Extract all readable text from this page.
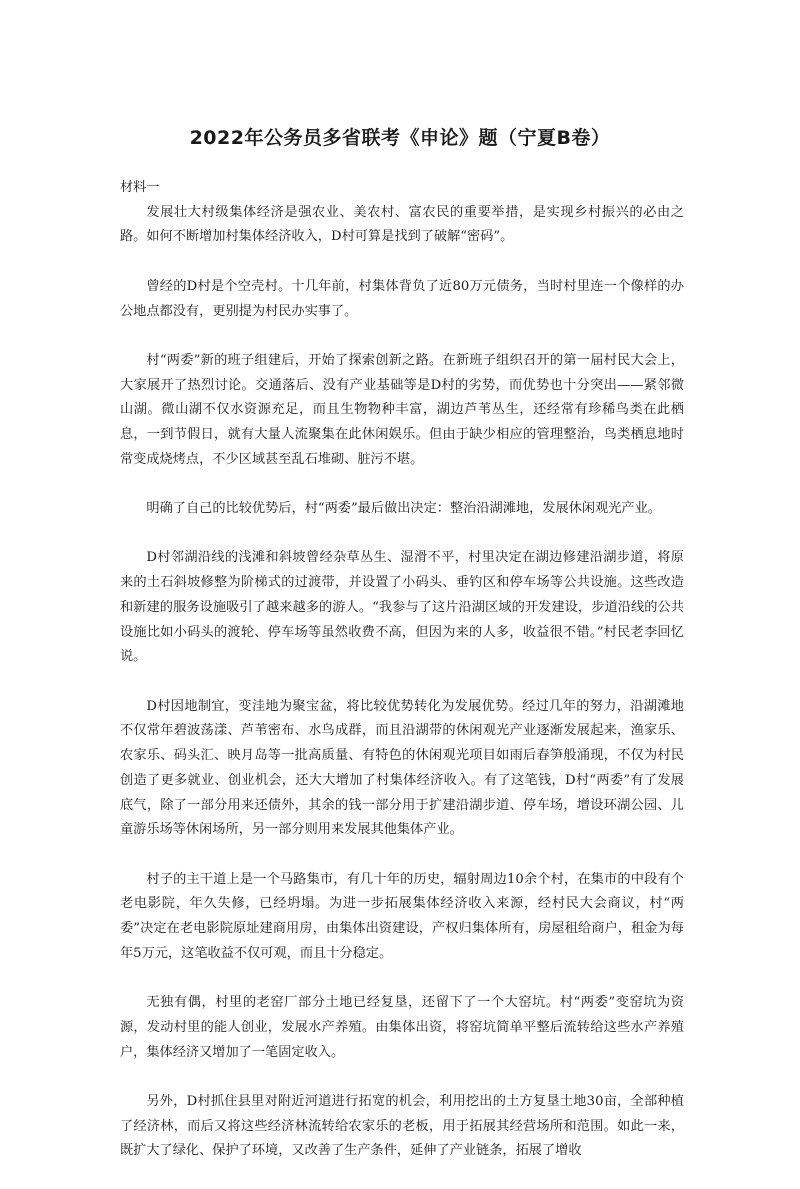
2022年公务员多省联考《申论》题（宁夏B卷）

材料一

发展壮大村级集体经济是强农业、美农村、富农民的重要举措，是实现乡村振兴的必由之路。如何不断增加村集体经济收入，D村可算是找到了破解“密码”。

曾经的D村是个空壳村。十几年前，村集体背负了近80万元债务，当时村里连一个像样的办公地点都没有，更别提为村民办实事了。

村“两委”新的班子组建后，开始了探索创新之路。在新班子组织召开的第一届村民大会上，大家展开了热烈讨论。交通落后、没有产业基础等是D村的劣势，而优势也十分突出——紧邻微山湖。微山湖不仅水资源充足，而且生物物种丰富，湖边芦苇丛生，还经常有珍稀鸟类在此栖息，一到节假日，就有大量人流聚集在此休闲娱乐。但由于缺少相应的管理整治，鸟类栖息地时常变成烧烤点，不少区域甚至乱石堆砌、脏污不堪。

明确了自己的比较优势后，村“两委”最后做出决定：整治沿湖滩地，发展休闲观光产业。

D村邻湖沿线的浅滩和斜坡曾经杂草丛生、湿滑不平，村里决定在湖边修建沿湖步道，将原来的土石斜坡修整为阶梯式的过渡带，并设置了小码头、垂钓区和停车场等公共设施。这些改造和新建的服务设施吸引了越来越多的游人。“我参与了这片沿湖区域的开发建设，步道沿线的公共设施比如小码头的渡轮、停车场等虽然收费不高，但因为来的人多，收益很不错。”村民老李回忆说。

D村因地制宜，变洼地为聚宝盆，将比较优势转化为发展优势。经过几年的努力，沿湖滩地不仅常年碧波荡漾、芦苇密布、水鸟成群，而且沿湖带的休闲观光产业逐渐发展起来，渔家乐、农家乐、码头汇、映月岛等一批高质量、有特色的休闲观光项目如雨后春笋般涌现，不仅为村民创造了更多就业、创业机会，还大大增加了村集体经济收入。有了这笔钱，D村“两委”有了发展底气，除了一部分用来还债外，其余的钱一部分用于扩建沿湖步道、停车场，增设环湖公园、儿童游乐场等休闲场所，另一部分则用来发展其他集体产业。

村子的主干道上是一个马路集市，有几十年的历史，辐射周边10余个村，在集市的中段有个老电影院，年久失修，已经坍塌。为进一步拓展集体经济收入来源，经村民大会商议，村“两委”决定在老电影院原址建商用房，由集体出资建设，产权归集体所有，房屋租给商户，租金为每年5万元，这笔收益不仅可观，而且十分稳定。

无独有偶，村里的老窑厂部分土地已经复垦，还留下了一个大窑坑。村“两委”变窑坑为资源，发动村里的能人创业，发展水产养殖。由集体出资，将窑坑简单平整后流转给这些水产养殖户，集体经济又增加了一笔固定收入。

另外，D村抓住县里对附近河道进行拓宽的机会，利用挖出的土方复垦土地30亩，全部种植了经济林，而后又将这些经济林流转给农家乐的老板，用于拓展其经营场所和范围。如此一来，既扩大了绿化、保护了环境，又改善了生产条件，延伸了产业链条，拓展了增收
